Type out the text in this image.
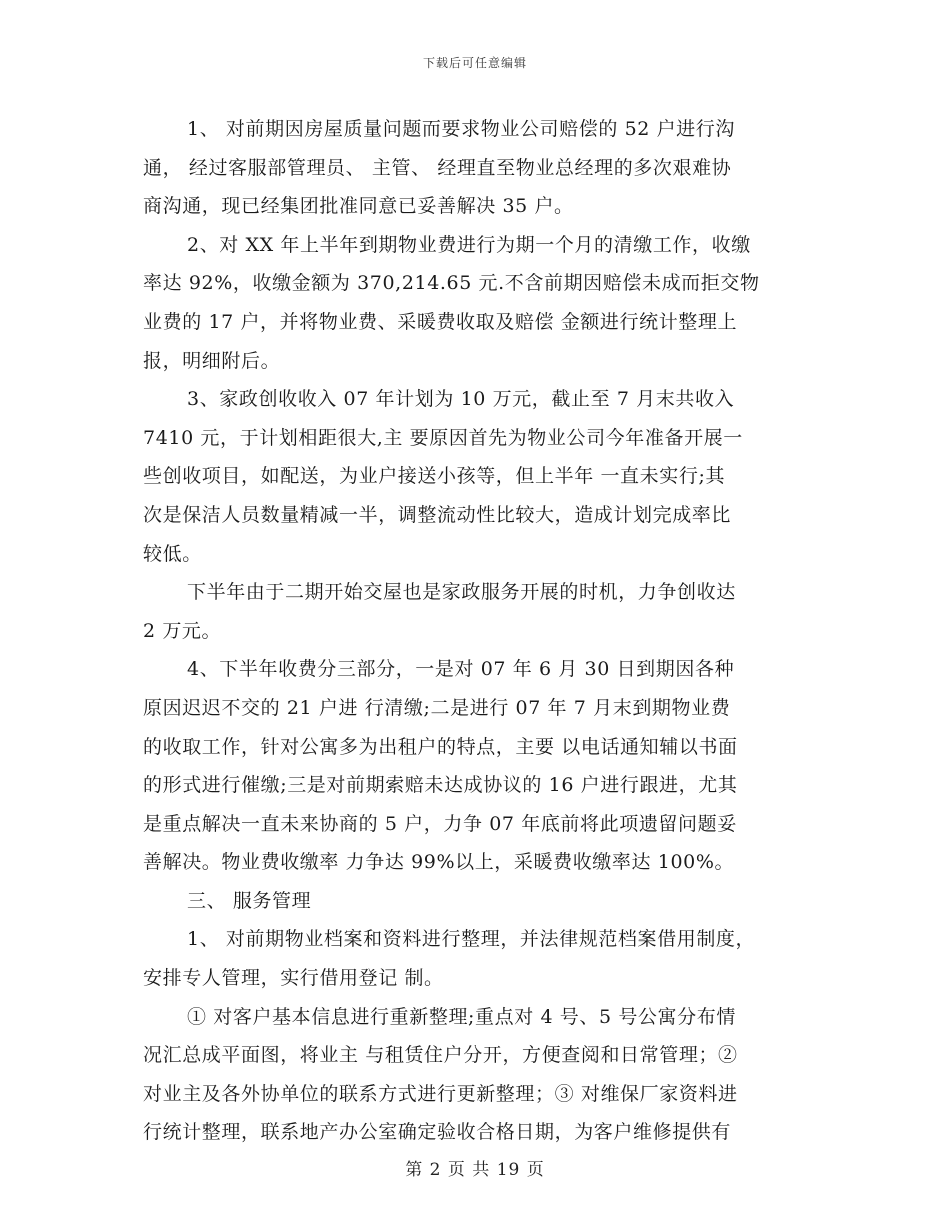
下载后可任意编辑
1、 对前期因房屋质量问题而要求物业公司赔偿的 52 户进行沟
通， 经过客服部管理员、 主管、 经理直至物业总经理的多次艰难协
商沟通，现已经集团批准同意已妥善解决 35 户。
2、对 XX 年上半年到期物业费进行为期一个月的清缴工作，收缴
率达 92%，收缴金额为 370,214.65 元.不含前期因赔偿未成而拒交物
业费的 17 户，并将物业费、采暖费收取及赔偿 金额进行统计整理上
报，明细附后。
3、家政创收收入 07 年计划为 10 万元，截止至 7 月末共收入
7410 元，于计划相距很大,主 要原因首先为物业公司今年准备开展一
些创收项目，如配送，为业户接送小孩等，但上半年 一直未实行;其
次是保洁人员数量精减一半，调整流动性比较大，造成计划完成率比
较低。
下半年由于二期开始交屋也是家政服务开展的时机，力争创收达
2 万元。
4、下半年收费分三部分，一是对 07 年 6 月 30 日到期因各种
原因迟迟不交的 21 户进 行清缴;二是进行 07 年 7 月末到期物业费
的收取工作，针对公寓多为出租户的特点，主要 以电话通知辅以书面
的形式进行催缴;三是对前期索赔未达成协议的 16 户进行跟进，尤其
是重点解决一直未来协商的 5 户，力争 07 年底前将此项遗留问题妥
善解决。物业费收缴率 力争达 99%以上，采暖费收缴率达 100%。
三、 服务管理
1、 对前期物业档案和资料进行整理，并法律规范档案借用制度，
安排专人管理，实行借用登记 制。
① 对客户基本信息进行重新整理;重点对 4 号、5 号公寓分布情
况汇总成平面图，将业主 与租赁住户分开，方便查阅和日常管理；②
对业主及各外协单位的联系方式进行更新整理；③ 对维保厂家资料进
行统计整理，联系地产办公室确定验收合格日期，为客户维修提供有
第 2 页 共 19 页
